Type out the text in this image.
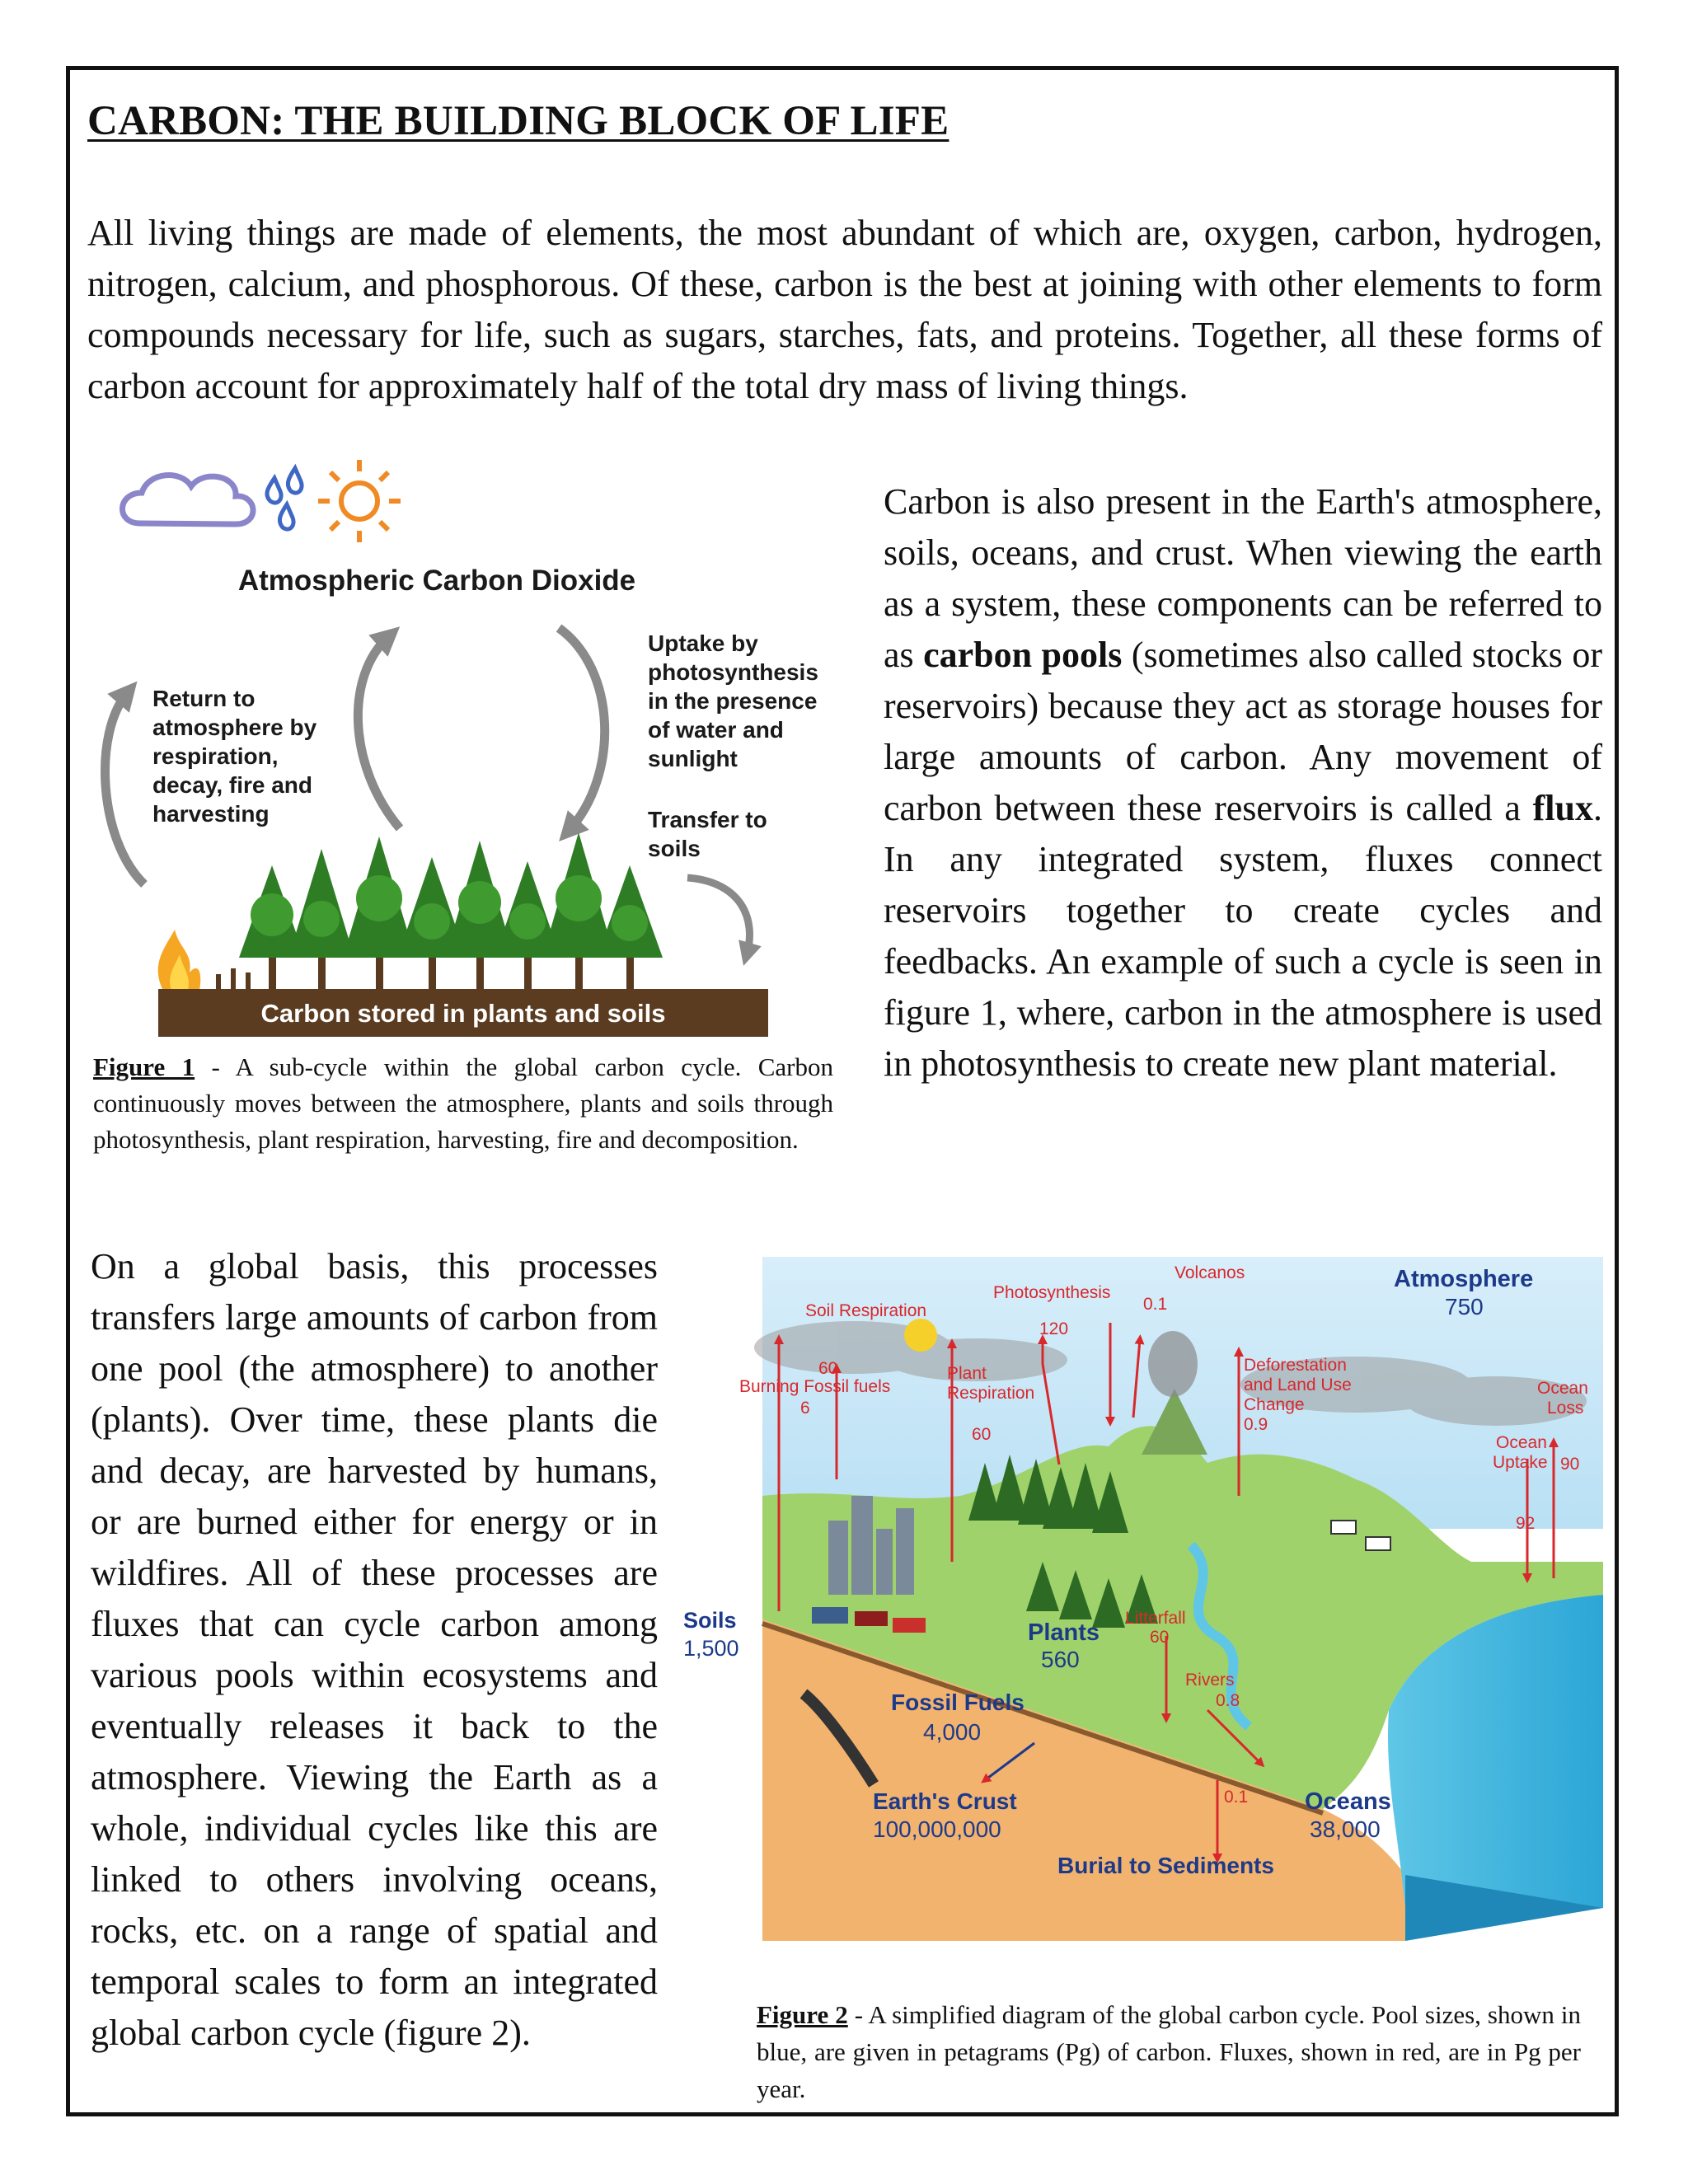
CARBON: THE BUILDING BLOCK OF LIFE

All living things are made of elements, the most abundant of which are, oxygen, carbon, hydrogen, nitrogen, calcium, and phosphorous. Of these, carbon is the best at joining with other elements to form compounds necessary for life, such as sugars, starches, fats, and proteins. Together, all these forms of carbon account for approximately half of the total dry mass of living things.

Atmospheric Carbon Dioxide
Return to atmosphere by respiration, decay, fire and harvesting
Uptake by photosynthesis in the presence of water and sunlight
Transfer to soils
Carbon stored in plants and soils

Figure 1 - A sub-cycle within the global carbon cycle. Carbon continuously moves between the atmosphere, plants and soils through photosynthesis, plant respiration, harvesting, fire and decomposition.

Carbon is also present in the Earth's atmosphere, soils, oceans, and crust. When viewing the earth as a system, these components can be referred to as carbon pools (sometimes also called stocks or reservoirs) because they act as storage houses for large amounts of carbon. Any movement of carbon between these reservoirs is called a flux. In any integrated system, fluxes connect reservoirs together to create cycles and feedbacks. An example of such a cycle is seen in figure 1, where, carbon in the atmosphere is used in photosynthesis to create new plant material.

On a global basis, this processes transfers large amounts of carbon from one pool (the atmosphere) to another (plants). Over time, these plants die and decay, are harvested by humans, or are burned either for energy or in wildfires. All of these processes are fluxes that can cycle carbon among various pools within ecosystems and eventually releases it back to the atmosphere. Viewing the Earth as a whole, individual cycles like this are linked to others involving oceans, rocks, etc. on a range of spatial and temporal scales to form an integrated global carbon cycle (figure 2).

Volcanos
0.1
Photosynthesis
120
Soil Respiration
60	Plant
Respiration
60
Burning Fossil fuels
6
Deforestation
and Land Use
Change
0.9
Ocean
Loss
90
Ocean
Uptake
92
Litterfall
60
Rivers
0.8
0.1
Atmosphere
750
Soils
1,500
Plants
560
Fossil Fuels
4,000
Earth's Crust
100,000,000
Oceans
38,000
Burial to Sediments

Figure 2 - A simplified diagram of the global carbon cycle. Pool sizes, shown in blue, are given in petagrams (Pg) of carbon. Fluxes, shown in red, are in Pg per year.
